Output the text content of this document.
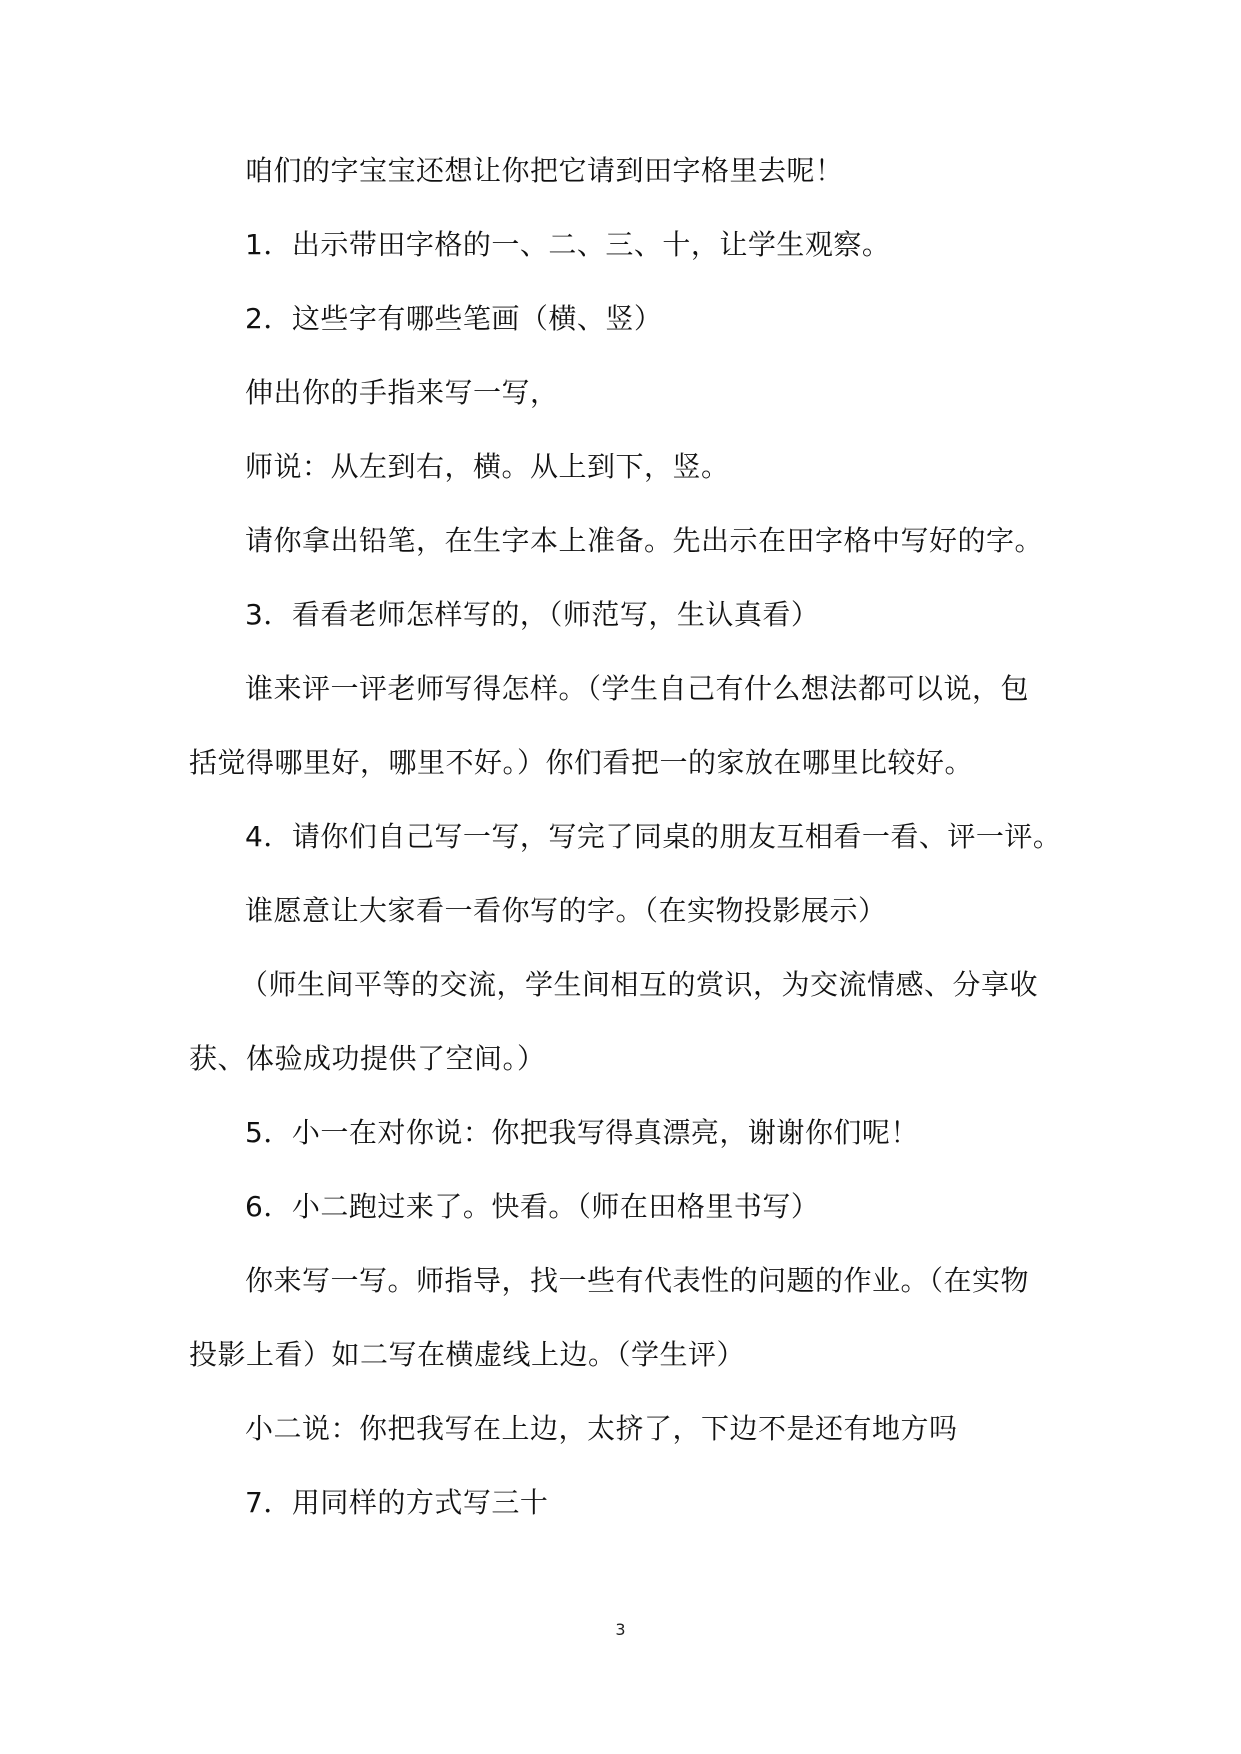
咱们的字宝宝还想让你把它请到田字格里去呢！
1．出示带田字格的一、二、三、十，让学生观察。
2．这些字有哪些笔画（横、竖）
伸出你的手指来写一写，
师说：从左到右，横。从上到下，竖。
请你拿出铅笔，在生字本上准备。先出示在田字格中写好的字。
3．看看老师怎样写的，（师范写，生认真看）
谁来评一评老师写得怎样。（学生自己有什么想法都可以说，包
括觉得哪里好，哪里不好。）你们看把一的家放在哪里比较好。
4．请你们自己写一写，写完了同桌的朋友互相看一看、评一评。
谁愿意让大家看一看你写的字。（在实物投影展示）
（师生间平等的交流，学生间相互的赏识，为交流情感、分享收
获、体验成功提供了空间。）
5．小一在对你说：你把我写得真漂亮，谢谢你们呢！
6．小二跑过来了。快看。（师在田格里书写）
你来写一写。师指导，找一些有代表性的问题的作业。（在实物
投影上看）如二写在横虚线上边。（学生评）
小二说：你把我写在上边，太挤了，下边不是还有地方吗
7．用同样的方式写三十
3
